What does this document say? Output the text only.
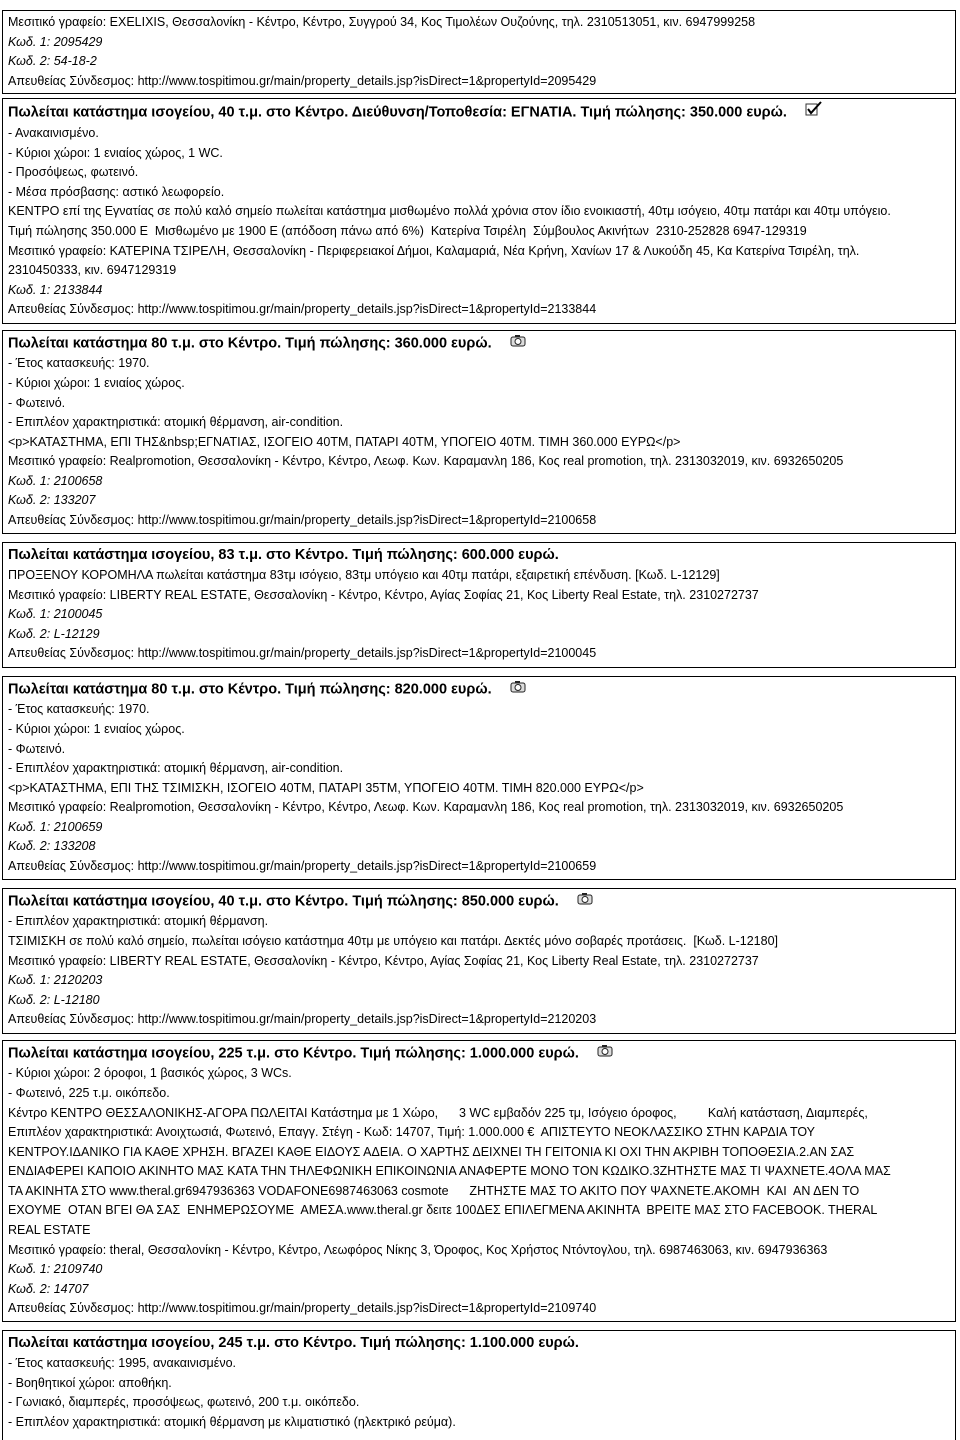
Μεσιτικό γραφείο: EXELIXIS, Θεσσαλονίκη - Κέντρο, Κέντρο, Συγγρού 34, Κος Τιμολέων Ουζούνης, τηλ. 2310513051, κιν. 6947999258
Κωδ. 1: 2095429
Κωδ. 2: 54-18-2
Απευθείας Σύνδεσμος: http://www.tospitimou.gr/main/property_details.jsp?isDirect=1&propertyId=2095429
Πωλείται κατάστημα ισογείου, 40 τ.μ. στο Κέντρο. Διεύθυνση/Τοποθεσία: ΕΓΝΑΤΙΑ. Τιμή πώλησης: 350.000 ευρώ.
- Ανακαινισμένο.
- Κύριοι χώροι: 1 ενιαίος χώρος, 1 WC.
- Προσόψεως, φωτεινό.
- Μέσα πρόσβασης: αστικό λεωφορείο.
ΚΕΝΤΡΟ επί της Εγνατίας σε πολύ καλό σημείο πωλείται κατάστημα μισθωμένο πολλά χρόνια στον ίδιο ενοικιαστή, 40τμ ισόγειο, 40τμ πατάρι και 40τμ υπόγειο.
Τιμή πώλησης 350.000 Ε  Μισθωμένο με 1900 Ε (απόδοση πάνω από 6%)  Κατερίνα Τσιρέλη  Σύμβουλος Ακινήτων  2310-252828 6947-129319
Μεσιτικό γραφείο: ΚΑΤΕΡΙΝΑ ΤΣΙΡΕΛΗ, Θεσσαλονίκη - Περιφερειακοί Δήμοι, Καλαμαριά, Νέα Κρήνη, Χανίων 17 & Λυκούδη 45, Κα Κατερίνα Τσιρέλη, τηλ.
2310450333, κιν. 6947129319
Κωδ. 1: 2133844
Απευθείας Σύνδεσμος: http://www.tospitimou.gr/main/property_details.jsp?isDirect=1&propertyId=2133844
Πωλείται κατάστημα 80 τ.μ. στο Κέντρο. Τιμή πώλησης: 360.000 ευρώ.
- Έτος κατασκευής: 1970.
- Κύριοι χώροι: 1 ενιαίος χώρος.
- Φωτεινό.
- Επιπλέον χαρακτηριστικά: ατομική θέρμανση, air-condition.
<p>ΚΑΤΑΣΤΗΜΑ, ΕΠΙ ΤΗΣ&nbsp;ΕΓΝΑΤΙΑΣ, ΙΣΟΓΕΙΟ 40ΤΜ, ΠΑΤΑΡΙ 40ΤΜ, ΥΠΟΓΕΙΟ 40ΤΜ. ΤΙΜΗ 360.000 ΕΥΡΩ</p>
Μεσιτικό γραφείο: Realpromotion, Θεσσαλονίκη - Κέντρο, Κέντρο, Λεωφ. Κων. Καραμανλη 186, Κος real promotion, τηλ. 2313032019, κιν. 6932650205
Κωδ. 1: 2100658
Κωδ. 2: 133207
Απευθείας Σύνδεσμος: http://www.tospitimou.gr/main/property_details.jsp?isDirect=1&propertyId=2100658
Πωλείται κατάστημα ισογείου, 83 τ.μ. στο Κέντρο. Τιμή πώλησης: 600.000 ευρώ.
ΠΡΟΞΕΝΟΥ ΚΟΡΟΜΗΛΑ πωλείται κατάστημα 83τμ ισόγειο, 83τμ υπόγειο και 40τμ πατάρι, εξαιρετική επένδυση. [Κωδ. L-12129]
Μεσιτικό γραφείο: LIBERTY REAL ESTATE, Θεσσαλονίκη - Κέντρο, Κέντρο, Αγίας Σοφίας 21, Κος Liberty Real Estate, τηλ. 2310272737
Κωδ. 1: 2100045
Κωδ. 2: L-12129
Απευθείας Σύνδεσμος: http://www.tospitimou.gr/main/property_details.jsp?isDirect=1&propertyId=2100045
Πωλείται κατάστημα 80 τ.μ. στο Κέντρο. Τιμή πώλησης: 820.000 ευρώ.
- Έτος κατασκευής: 1970.
- Κύριοι χώροι: 1 ενιαίος χώρος.
- Φωτεινό.
- Επιπλέον χαρακτηριστικά: ατομική θέρμανση, air-condition.
<p>ΚΑΤΑΣΤΗΜΑ, ΕΠΙ ΤΗΣ ΤΣΙΜΙΣΚΗ, ΙΣΟΓΕΙΟ 40ΤΜ, ΠΑΤΑΡΙ 35ΤΜ, ΥΠΟΓΕΙΟ 40ΤΜ. ΤΙΜΗ 820.000 ΕΥΡΩ</p>
Μεσιτικό γραφείο: Realpromotion, Θεσσαλονίκη - Κέντρο, Κέντρο, Λεωφ. Κων. Καραμανλη 186, Κος real promotion, τηλ. 2313032019, κιν. 6932650205
Κωδ. 1: 2100659
Κωδ. 2: 133208
Απευθείας Σύνδεσμος: http://www.tospitimou.gr/main/property_details.jsp?isDirect=1&propertyId=2100659
Πωλείται κατάστημα ισογείου, 40 τ.μ. στο Κέντρο. Τιμή πώλησης: 850.000 ευρώ.
- Επιπλέον χαρακτηριστικά: ατομική θέρμανση.
ΤΣΙΜΙΣΚΗ σε πολύ καλό σημείο, πωλείται ισόγειο κατάστημα 40τμ με υπόγειο και πατάρι. Δεκτές μόνο σοβαρές προτάσεις.  [Κωδ. L-12180]
Μεσιτικό γραφείο: LIBERTY REAL ESTATE, Θεσσαλονίκη - Κέντρο, Κέντρο, Αγίας Σοφίας 21, Κος Liberty Real Estate, τηλ. 2310272737
Κωδ. 1: 2120203
Κωδ. 2: L-12180
Απευθείας Σύνδεσμος: http://www.tospitimou.gr/main/property_details.jsp?isDirect=1&propertyId=2120203
Πωλείται κατάστημα ισογείου, 225 τ.μ. στο Κέντρο. Τιμή πώλησης: 1.000.000 ευρώ.
- Κύριοι χώροι: 2 όροφοι, 1 βασικός χώρος, 3 WCs.
- Φωτεινό, 225 τ.μ. οικόπεδο.
Κέντρο ΚΕΝΤΡΟ ΘΕΣΣΑΛΟΝΙΚΗΣ-ΑΓΟΡΑ ΠΩΛΕΙΤΑΙ Κατάστημα με 1 Χώρο,      3 WC εμβαδόν 225 τμ, Ισόγειο όροφος,         Καλή κατάσταση, Διαμπερές,
Επιπλέον χαρακτηριστικά: Ανοιχτωσιά, Φωτεινό, Επαγγ. Στέγη - Κωδ: 14707, Τιμή: 1.000.000 €  ΑΠΙΣΤΕΥΤΟ ΝΕΟΚΛΑΣΣΙΚΟ ΣΤΗΝ ΚΑΡΔΙΑ ΤΟΥ
ΚΕΝΤΡΟΥ.ΙΔΑΝΙΚΟ ΓΙΑ ΚΑΘΕ ΧΡΗΣΗ. ΒΓΑΖΕΙ ΚΑΘΕ ΕΙΔΟΥΣ ΑΔΕΙΑ. Ο ΧΑΡΤΗΣ ΔΕΙΧΝΕΙ ΤΗ ΓΕΙΤΟΝΙΑ ΚΙ ΟΧΙ ΤΗΝ ΑΚΡΙΒΗ ΤΟΠΟΘΕΣΙΑ.2.ΑΝ ΣΑΣ
ΕΝΔΙΑΦΕΡΕΙ ΚΑΠΟΙΟ ΑΚΙΝΗΤΟ ΜΑΣ ΚΑΤΑ ΤΗΝ ΤΗΛΕΦΩΝΙΚΗ ΕΠΙΚΟΙΝΩΝΙΑ ΑΝΑΦΕΡΤΕ ΜΟΝΟ ΤΟΝ ΚΩΔΙΚΟ.3ΖΗΤΗΣΤΕ ΜΑΣ ΤΙ ΨΑΧΝΕΤΕ.4ΟΛΑ ΜΑΣ
ΤΑ ΑΚΙΝΗΤΑ ΣΤΟ www.theral.gr6947936363 VODAFONE6987463063 cosmote      ΖΗΤΗΣΤΕ ΜΑΣ ΤΟ ΑΚΙΤΟ ΠΟΥ ΨΑΧΝΕΤΕ.ΑΚΟΜΗ  ΚΑΙ  ΑΝ ΔΕΝ ΤΟ
ΕΧΟΥΜΕ  ΟΤΑΝ ΒΓΕΙ ΘΑ ΣΑΣ  ΕΝΗΜΕΡΩΣΟΥΜΕ  ΑΜΕΣΑ.www.theral.gr δειτε 100ΔΕΣ ΕΠΙΛΕΓΜΕΝΑ ΑΚΙΝΗΤΑ  ΒΡΕΙΤΕ ΜΑΣ ΣΤΟ FACEBOOK. THERAL
REAL ESTATE
Μεσιτικό γραφείο: theral, Θεσσαλονίκη - Κέντρο, Κέντρο, Λεωφόρος Νίκης 3, Όροφος, Κος Χρήστος Ντόντογλου, τηλ. 6987463063, κιν. 6947936363
Κωδ. 1: 2109740
Κωδ. 2: 14707
Απευθείας Σύνδεσμος: http://www.tospitimou.gr/main/property_details.jsp?isDirect=1&propertyId=2109740
Πωλείται κατάστημα ισογείου, 245 τ.μ. στο Κέντρο. Τιμή πώλησης: 1.100.000 ευρώ.
- Έτος κατασκευής: 1995, ανακαινισμένο.
- Βοηθητικοί χώροι: αποθήκη.
- Γωνιακό, διαμπερές, προσόψεως, φωτεινό, 200 τ.μ. οικόπεδο.
- Επιπλέον χαρακτηριστικά: ατομική θέρμανση με κλιματιστικό (ηλεκτρικό ρεύμα).
